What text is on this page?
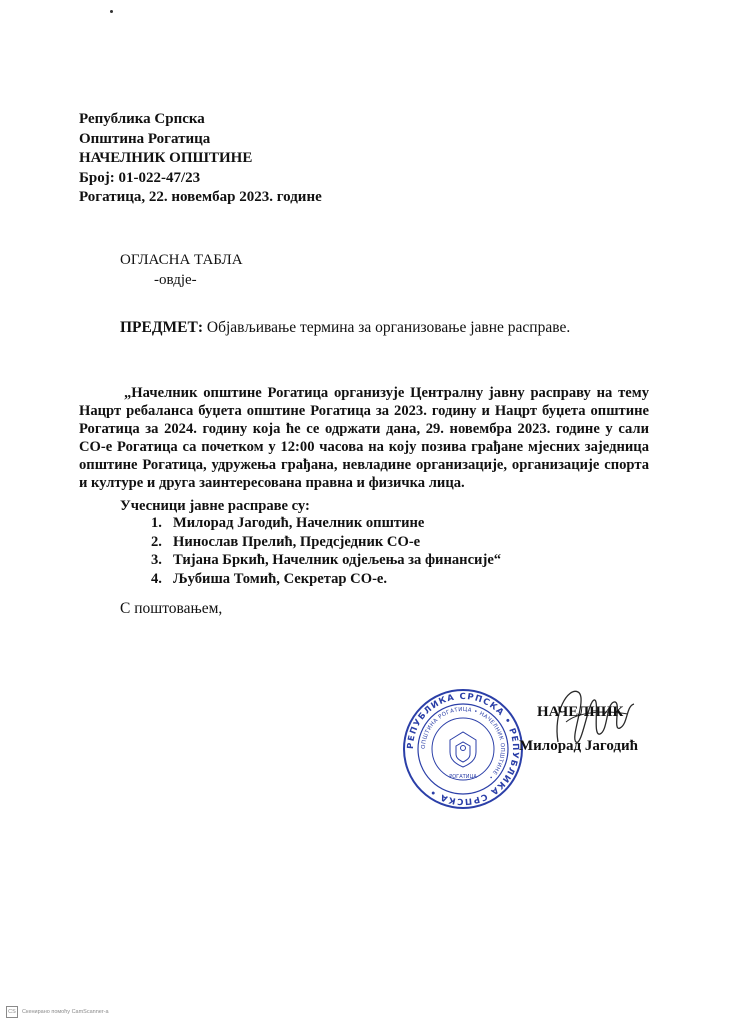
Република Српска
Општина Рогатица
НАЧЕЛНИК ОПШТИНЕ
Број: 01-022-47/23
Рогатица, 22. новембар 2023. године
ОГЛАСНА ТАБЛА
-овдје-
ПРЕДМЕТ: Објављивање термина за организовање јавне расправе.

„Начелник општине Рогатица организује Централну јавну расправу на тему Нацрт ребаланса буџета општине Рогатица за 2023. годину и Нацрт буџета општине Рогатица за 2024. годину која ће се одржати дана, 29. новембра 2023. године у сали СО-е Рогатица са почетком у 12:00 часова на коју позива грађане мјесних заједница општине Рогатица, удружења грађана, невладине организације, организације спорта и културе и друга заинтересована правна и физичка лица.

Учесници јавне расправе су:
1. Милорад Јагодић, Начелник општине
2. Нинослав Прелић, Предсједник СО-е
3. Тијана Бркић, Начелник одјељења за финансије“
4. Љубиша Томић, Секретар СО-е.
С поштовањем,
РЕПУБЛИКА СРПСКА • РЕПУБЛИКА СРПСКА •
ОПШТИНА РОГАТИЦА • НАЧЕЛНИК ОПШТИНЕ •
РОГАТИЦА
НАЧЕЛНИК
Милорад Јагодић
CS	Скенирано помоћу CamScanner-а
